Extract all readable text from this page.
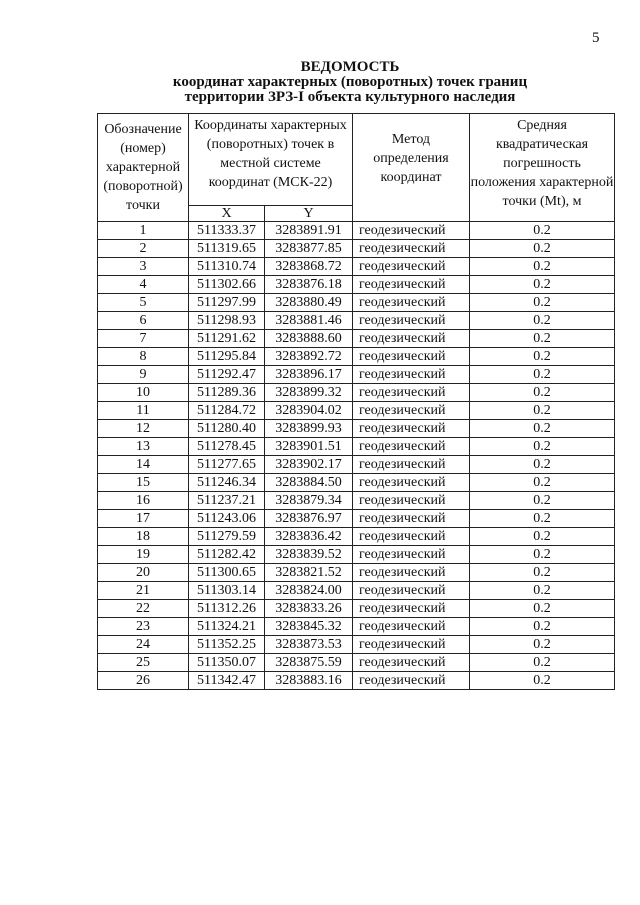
5
ВЕДОМОСТЬ
координат характерных (поворотных) точек границ
территории ЗРЗ-I объекта культурного наследия
Обозначение (номер) характерной (поворотной) точки	Координаты характерных (поворотных) точек в местной системе координат (МСК-22)		Метод определения координат	Средняя квадратическая погрешность положения характерной точки (Mt), м
	X	Y		
1	511333.37	3283891.91	геодезический	0.2
2	511319.65	3283877.85	геодезический	0.2
3	511310.74	3283868.72	геодезический	0.2
4	511302.66	3283876.18	геодезический	0.2
5	511297.99	3283880.49	геодезический	0.2
6	511298.93	3283881.46	геодезический	0.2
7	511291.62	3283888.60	геодезический	0.2
8	511295.84	3283892.72	геодезический	0.2
9	511292.47	3283896.17	геодезический	0.2
10	511289.36	3283899.32	геодезический	0.2
11	511284.72	3283904.02	геодезический	0.2
12	511280.40	3283899.93	геодезический	0.2
13	511278.45	3283901.51	геодезический	0.2
14	511277.65	3283902.17	геодезический	0.2
15	511246.34	3283884.50	геодезический	0.2
16	511237.21	3283879.34	геодезический	0.2
17	511243.06	3283876.97	геодезический	0.2
18	511279.59	3283836.42	геодезический	0.2
19	511282.42	3283839.52	геодезический	0.2
20	511300.65	3283821.52	геодезический	0.2
21	511303.14	3283824.00	геодезический	0.2
22	511312.26	3283833.26	геодезический	0.2
23	511324.21	3283845.32	геодезический	0.2
24	511352.25	3283873.53	геодезический	0.2
25	511350.07	3283875.59	геодезический	0.2
26	511342.47	3283883.16	геодезический	0.2
